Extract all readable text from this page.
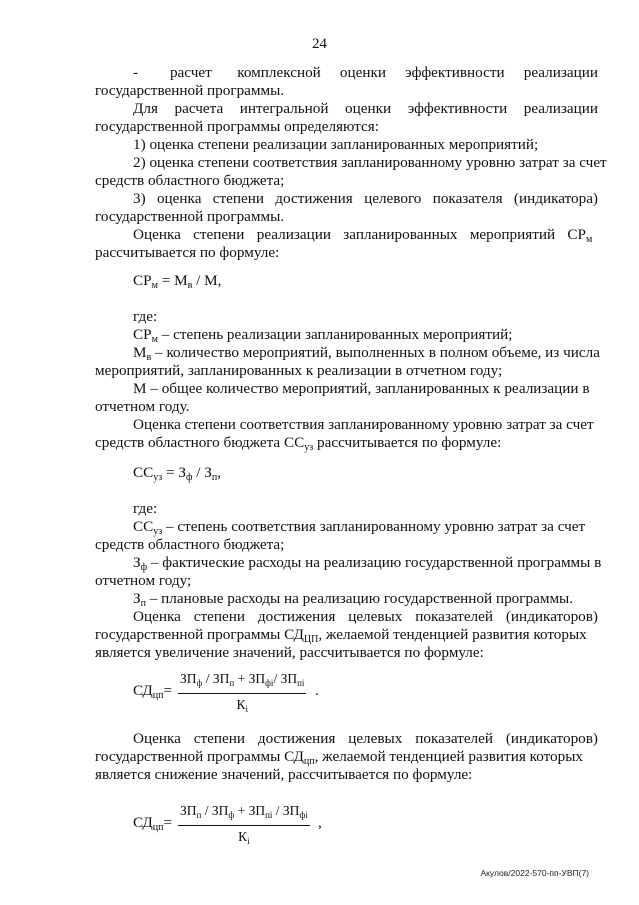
24
-     расчет    комплексной   оценки   эффективности   реализации
государственной программы.
Для  расчета  интегральной  оценки  эффективности  реализации
государственной программы определяются:
1) оценка степени реализации запланированных мероприятий;
2) оценка степени соответствия запланированному уровню затрат за счет
средств областного бюджета;
3)  оценка  степени  достижения  целевого  показателя  (индикатора)
государственной программы.
Оценка   степени   реализации   запланированных   мероприятий   $СР_м$
рассчитывается по формуле:
$СР_м = М_в / М$,
где:
$СР_м$ – степень реализации запланированных мероприятий;
$М_в$ – количество мероприятий, выполненных в полном объеме, из числа
мероприятий, запланированных к реализации в отчетном году;
М – общее количество мероприятий, запланированных к реализации в
отчетном году.
Оценка степени соответствия запланированному уровню затрат за счет
средств областного бюджета $СС_{уз}$ рассчитывается по формуле:
$СС_{уз} = З_ф / З_п$,
где:
$СС_{уз}$ – степень соответствия запланированному уровню затрат за счет
средств областного бюджета;
$З_ф$ – фактические расходы на реализацию государственной программы в
отчетном году;
$З_п$ – плановые расходы на реализацию государственной программы.
Оценка   степени   достижения   целевых   показателей   (индикаторов)
государственной программы $СД_{ЦП}$, желаемой тенденцией развития которых
является увеличение значений, рассчитывается по формуле:
$СД_{цп}=$
$ЗП_ф / ЗП_п + ЗП_{фi}/$ $ЗП_{пi}$
$К_i$
.
Оценка   степени   достижения   целевых   показателей   (индикаторов)
государственной программы $СД_{цп}$, желаемой тенденцией развития которых
является снижение значений, рассчитывается по формуле:
$СД_{цп}=$
$ЗП_п / ЗП_ф + ЗП_{пi} / ЗП_{фi}$
$К_i$
,
Акулов/2022-570-пп-УВП(7)
